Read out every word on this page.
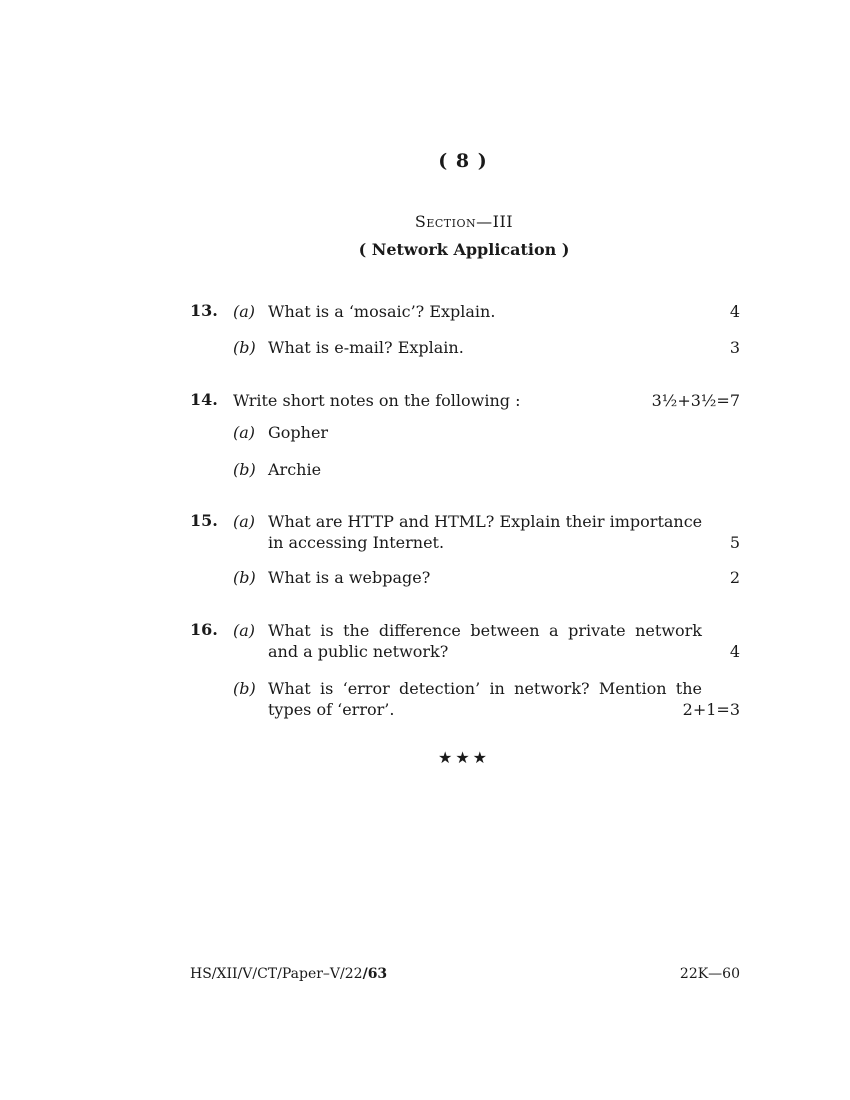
( 8 )
Section—III
( Network Application )
13. (a) What is a ‘mosaic’? Explain.	4
(b) What is e-mail? Explain.	3
14. Write short notes on the following :	3½+3½=7
(a) Gopher
(b) Archie
15. (a) What are HTTP and HTML? Explain their importance
in accessing Internet.	5
(b) What is a webpage?	2
16. (a) What is the difference between a private network
and a public network?	4
(b) What is ‘error detection’ in network? Mention the
types of ‘error’.	2+1=3
★★★
HS/XII/V/CT/Paper–V/22/63	22K—60
